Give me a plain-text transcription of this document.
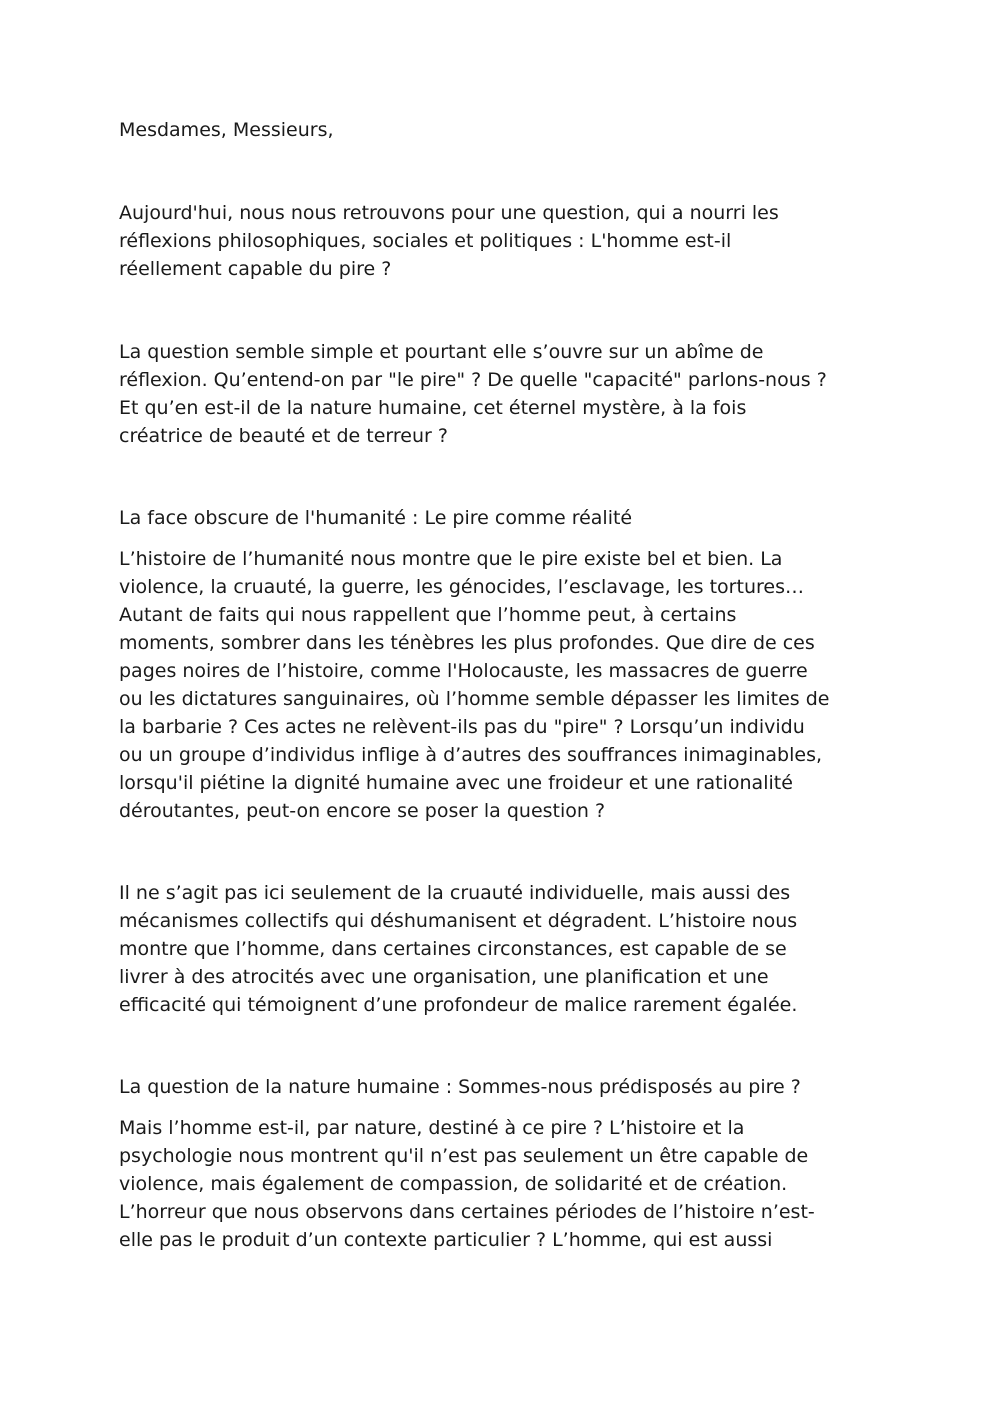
Mesdames, Messieurs,
Aujourd'hui, nous nous retrouvons pour une question, qui a nourri les
réflexions philosophiques, sociales et politiques : L'homme est-il
réellement capable du pire ?
La question semble simple et pourtant elle s’ouvre sur un abîme de
réflexion. Qu’entend-on par "le pire" ? De quelle "capacité" parlons-nous ?
Et qu’en est-il de la nature humaine, cet éternel mystère, à la fois
créatrice de beauté et de terreur ?
La face obscure de l'humanité : Le pire comme réalité
L’histoire de l’humanité nous montre que le pire existe bel et bien. La
violence, la cruauté, la guerre, les génocides, l’esclavage, les tortures…
Autant de faits qui nous rappellent que l’homme peut, à certains
moments, sombrer dans les ténèbres les plus profondes. Que dire de ces
pages noires de l’histoire, comme l'Holocauste, les massacres de guerre
ou les dictatures sanguinaires, où l’homme semble dépasser les limites de
la barbarie ? Ces actes ne relèvent-ils pas du "pire" ? Lorsqu’un individu
ou un groupe d’individus inflige à d’autres des souffrances inimaginables,
lorsqu'il piétine la dignité humaine avec une froideur et une rationalité
déroutantes, peut-on encore se poser la question ?
Il ne s’agit pas ici seulement de la cruauté individuelle, mais aussi des
mécanismes collectifs qui déshumanisent et dégradent. L’histoire nous
montre que l’homme, dans certaines circonstances, est capable de se
livrer à des atrocités avec une organisation, une planification et une
efficacité qui témoignent d’une profondeur de malice rarement égalée.
La question de la nature humaine : Sommes-nous prédisposés au pire ?
Mais l’homme est-il, par nature, destiné à ce pire ? L’histoire et la
psychologie nous montrent qu'il n’est pas seulement un être capable de
violence, mais également de compassion, de solidarité et de création.
L’horreur que nous observons dans certaines périodes de l’histoire n’est-
elle pas le produit d’un contexte particulier ? L’homme, qui est aussi
